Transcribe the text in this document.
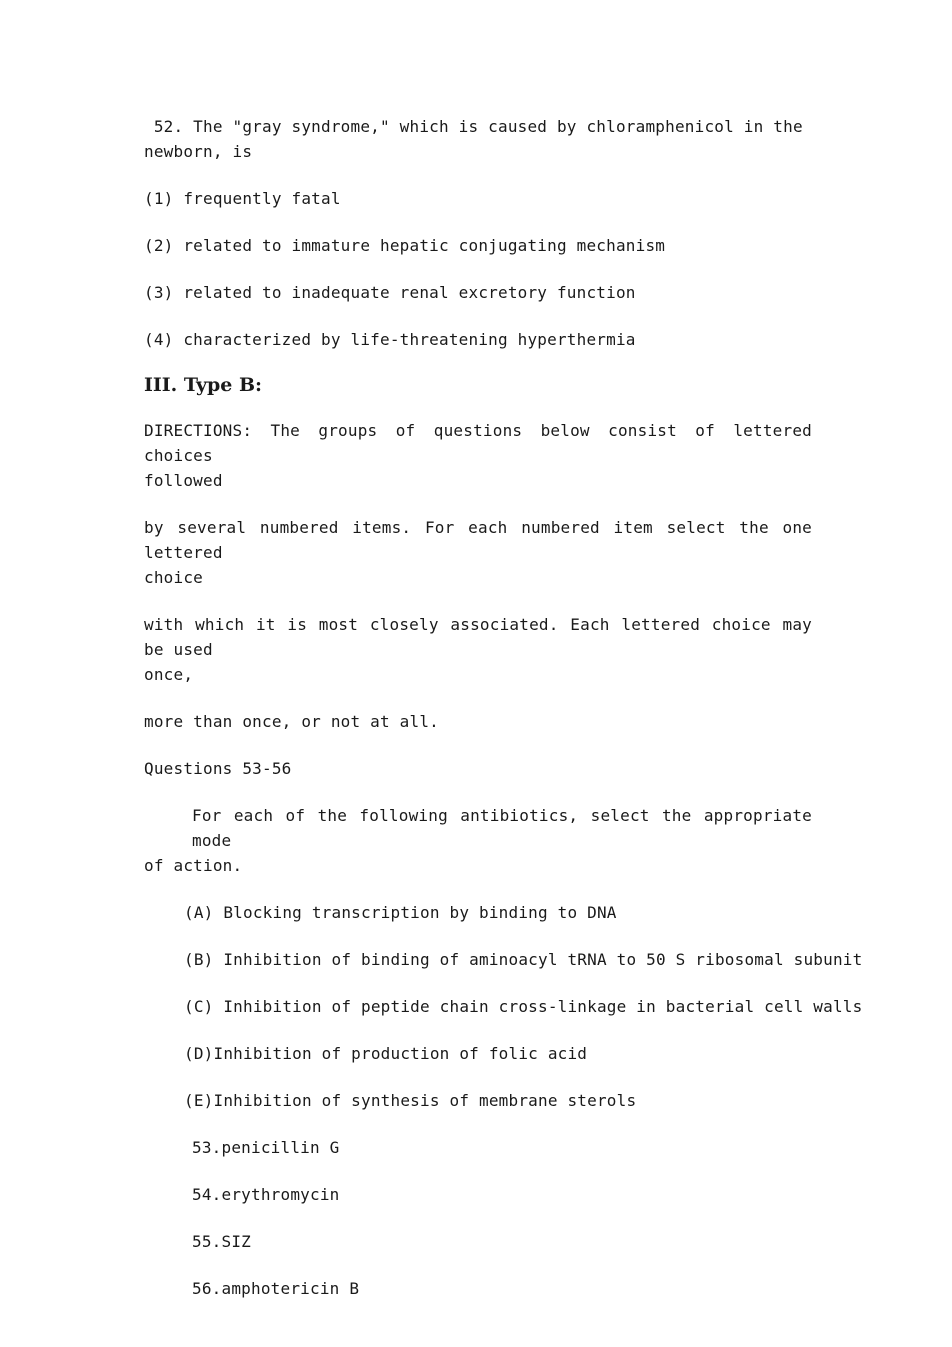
52. The "gray syndrome," which is caused by chloramphenicol in the
newborn, is

(1) frequently fatal

(2) related to immature hepatic conjugating mechanism

(3) related to inadequate renal excretory function

(4) characterized by life-threatening hyperthermia

III. Type B:

DIRECTIONS: The groups of questions below consist of lettered choices
followed

by several numbered items. For each numbered item select the one lettered
choice

with which it is most closely associated. Each lettered choice may be used
once,

more than once, or not at all.

Questions 53-56

For each of the following antibiotics, select the appropriate mode
of action.

(A) Blocking transcription by binding to DNA

(B) Inhibition of binding of aminoacyl tRNA to 50 S ribosomal subunit

(C) Inhibition of peptide chain cross-linkage in bacterial cell walls

(D)Inhibition of production of folic acid

(E)Inhibition of synthesis of membrane sterols

53.penicillin G

54.erythromycin

55.SIZ

56.amphotericin B
